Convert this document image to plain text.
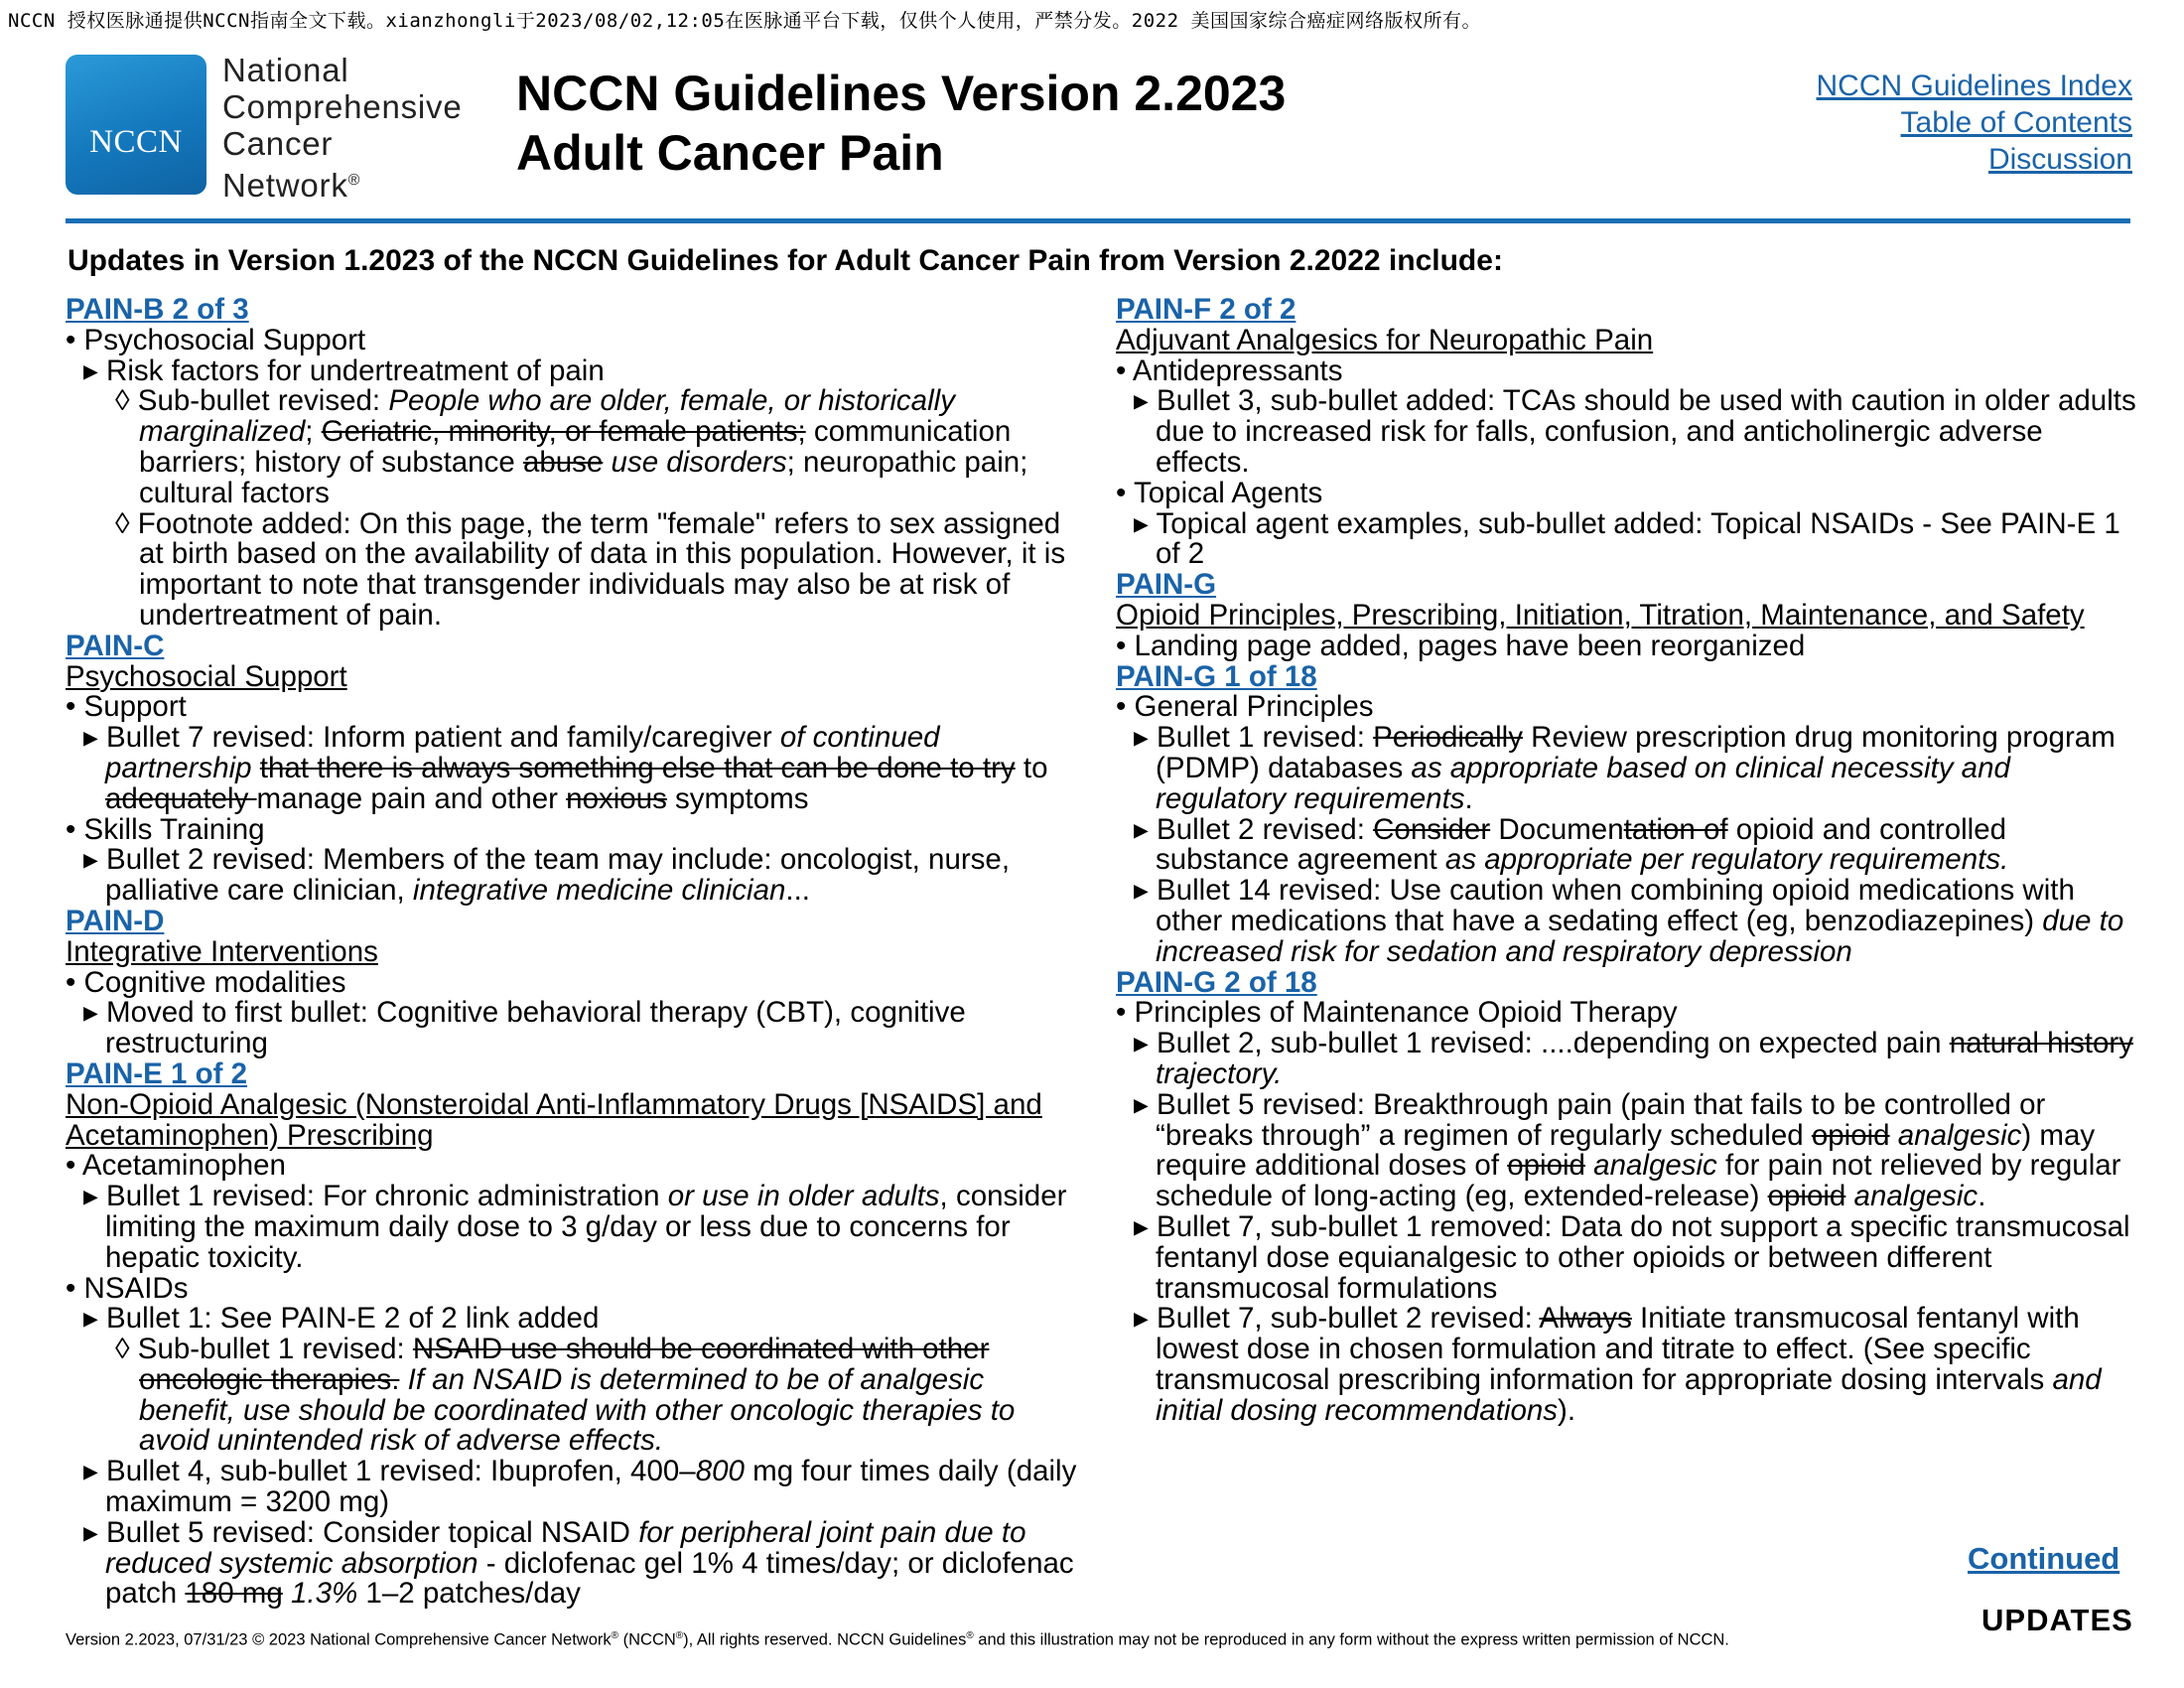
NCCN 授权医脉通提供NCCN指南全文下载。xianzhongli于2023/08/02,12:05在医脉通平台下载，仅供个人使用，严禁分发。2022 美国国家综合癌症网络版权所有。
NCCN
National
Comprehensive
Cancer
Network®
NCCN Guidelines Version 2.2023
Adult Cancer Pain
NCCN Guidelines Index
Table of Contents
Discussion
Updates in Version 1.2023 of the NCCN Guidelines for Adult Cancer Pain from Version 2.2022 include:
PAIN-B 2 of 3
• Psychosocial Support
▸ Risk factors for undertreatment of pain
◊ Sub-bullet revised: People who are older, female, or historically marginalized; Geriatric, minority, or female patients; communication barriers; history of substance abuse use disorders; neuropathic pain; cultural factors
◊ Footnote added: On this page, the term "female" refers to sex assigned at birth based on the availability of data in this population. However, it is important to note that transgender individuals may also be at risk of undertreatment of pain.
PAIN-C
Psychosocial Support
• Support
▸ Bullet 7 revised: Inform patient and family/caregiver of continued partnership that there is always something else that can be done to try to adequately manage pain and other noxious symptoms
• Skills Training
▸ Bullet 2 revised: Members of the team may include: oncologist, nurse, palliative care clinician, integrative medicine clinician...
PAIN-D
Integrative Interventions
• Cognitive modalities
▸ Moved to first bullet: Cognitive behavioral therapy (CBT), cognitive restructuring
PAIN-E 1 of 2
Non-Opioid Analgesic (Nonsteroidal Anti-Inflammatory Drugs [NSAIDS] and Acetaminophen) Prescribing
• Acetaminophen
▸ Bullet 1 revised: For chronic administration or use in older adults, consider limiting the maximum daily dose to 3 g/day or less due to concerns for hepatic toxicity.
• NSAIDs
▸ Bullet 1: See PAIN-E 2 of 2 link added
◊ Sub-bullet 1 revised: NSAID use should be coordinated with other oncologic therapies. If an NSAID is determined to be of analgesic benefit, use should be coordinated with other oncologic therapies to avoid unintended risk of adverse effects.
▸ Bullet 4, sub-bullet 1 revised: Ibuprofen, 400–800 mg four times daily (daily maximum = 3200 mg)
▸ Bullet 5 revised: Consider topical NSAID for peripheral joint pain due to reduced systemic absorption - diclofenac gel 1% 4 times/day; or diclofenac patch 180 mg 1.3% 1–2 patches/day
PAIN-F 2 of 2
Adjuvant Analgesics for Neuropathic Pain
• Antidepressants
▸ Bullet 3, sub-bullet added: TCAs should be used with caution in older adults due to increased risk for falls, confusion, and anticholinergic adverse effects.
• Topical Agents
▸ Topical agent examples, sub-bullet added: Topical NSAIDs - See PAIN-E 1 of 2
PAIN-G
Opioid Principles, Prescribing, Initiation, Titration, Maintenance, and Safety
• Landing page added, pages have been reorganized
PAIN-G 1 of 18
• General Principles
▸ Bullet 1 revised: Periodically Review prescription drug monitoring program (PDMP) databases as appropriate based on clinical necessity and regulatory requirements.
▸ Bullet 2 revised: Consider Documentation of opioid and controlled substance agreement as appropriate per regulatory requirements.
▸ Bullet 14 revised: Use caution when combining opioid medications with other medications that have a sedating effect (eg, benzodiazepines) due to increased risk for sedation and respiratory depression
PAIN-G 2 of 18
• Principles of Maintenance Opioid Therapy
▸ Bullet 2, sub-bullet 1 revised: ....depending on expected pain natural history trajectory.
▸ Bullet 5 revised: Breakthrough pain (pain that fails to be controlled or “breaks through” a regimen of regularly scheduled opioid analgesic) may require additional doses of opioid analgesic for pain not relieved by regular schedule of long-acting (eg, extended-release) opioid analgesic.
▸ Bullet 7, sub-bullet 1 removed: Data do not support a specific transmucosal fentanyl dose equianalgesic to other opioids or between different transmucosal formulations
▸ Bullet 7, sub-bullet 2 revised: Always Initiate transmucosal fentanyl with lowest dose in chosen formulation and titrate to effect. (See specific transmucosal prescribing information for appropriate dosing intervals and initial dosing recommendations).
Continued
UPDATES
Version 2.2023, 07/31/23 © 2023 National Comprehensive Cancer Network® (NCCN®), All rights reserved. NCCN Guidelines® and this illustration may not be reproduced in any form without the express written permission of NCCN.
